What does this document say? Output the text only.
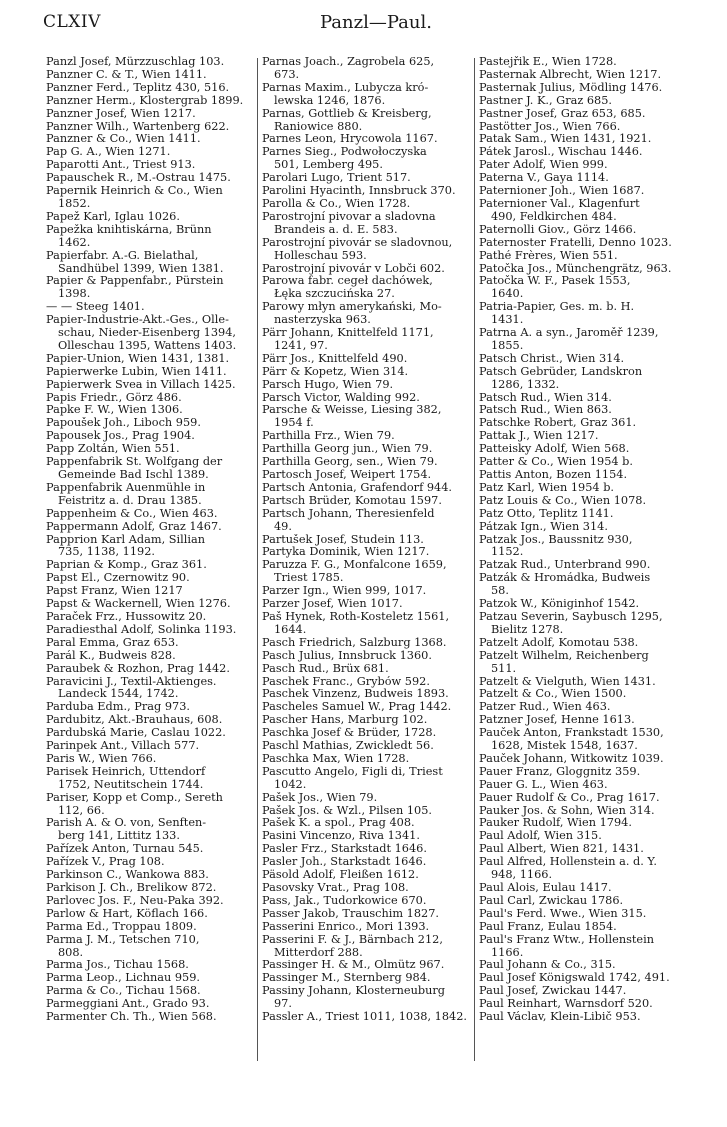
CLXIV	Panzl—Paul.
Panzl Josef, Mürzzuschlag 103.
Panzner C. & T., Wien 1411.
Panzner Ferd., Teplitz 430, 516.
Panzner Herm., Klostergrab 1899.
Panzner Josef, Wien 1217.
Panzner Wilh., Wartenberg 622.
Panzner & Co., Wien 1411.
Pap G. A., Wien 1271.
Paparotti Ant., Triest 913.
Papauschek R., M.-Ostrau 1475.
Papernik Heinrich & Co., Wien
1852.
Papež Karl, Iglau 1026.
Papežka knihtiskárna, Brünn
1462.
Papierfabr. A.-G. Bielathal,
Sandhübel 1399, Wien 1381.
Papier & Pappenfabr., Pürstein
1398.
— — Steeg 1401.
Papier-Industrie-Akt.-Ges., Olle-
schau, Nieder-Eisenberg 1394,
Olleschau 1395, Wattens 1403.
Papier-Union, Wien 1431, 1381.
Papierwerke Lubin, Wien 1411.
Papierwerk Svea in Villach 1425.
Papis Friedr., Görz 486.
Papke F. W., Wien 1306.
Papoušek Joh., Liboch 959.
Papousek Jos., Prag 1904.
Papp Zoltán, Wien 551.
Pappenfabrik St. Wolfgang der
Gemeinde Bad Ischl 1389.
Pappenfabrik Auenmühle in
Feistritz a. d. Drau 1385.
Pappenheim & Co., Wien 463.
Pappermann Adolf, Graz 1467.
Papprion Karl Adam, Sillian
735, 1138, 1192.
Paprian & Komp., Graz 361.
Papst El., Czernowitz 90.
Papst Franz, Wien 1217
Papst & Wackernell, Wien 1276.
Paraček Frz., Hussowitz 20.
Paradiesthal Adolf, Solinka 1193.
Paral Emma, Graz 653.
Parál K., Budweis 828.
Paraubek & Rozhon, Prag 1442.
Paravicini J., Textil-Aktienges.
Landeck 1544, 1742.
Parduba Edm., Prag 973.
Pardubitz, Akt.-Brauhaus, 608.
Pardubská Marie, Časlau 1022.
Parinpek Ant., Villach 577.
Paris W., Wien 766.
Parisek Heinrich, Uttendorf
1752, Neutitschein 1744.
Pariser, Kopp et Comp., Sereth
112, 66.
Parish A. & O. von, Senften-
berg 141, Littitz 133.
Pařízek Anton, Turnau 545.
Pařízek V., Prag 108.
Parkinson C., Wankowa 883.
Parkison J. Ch., Brelikow 872.
Parlovec Jos. F., Neu-Paka 392.
Parlow & Hart, Köflach 166.
Parma Ed., Troppau 1809.
Parma J. M., Tetschen 710,
808.
Parma Jos., Tichau 1568.
Parma Leop., Lichnau 959.
Parma & Co., Tichau 1568.
Parmeggiani Ant., Grado 93.
Parmenter Ch. Th., Wien 568.
Parnas Joach., Zagrobela 625,
673.
Parnas Maxim., Lubycza kró-
lewska 1246, 1876.
Parnas, Gottlieb & Kreisberg,
Raniowice 880.
Parnes Leon, Hrycowola 1167.
Parnes Sieg., Podwołoczyska
501, Lemberg 495.
Parolari Lugo, Trient 517.
Parolini Hyacinth, Innsbruck 370.
Parolla & Co., Wien 1728.
Parostrojní pivovar a sladovna
Brandeis a. d. E. 583.
Parostrojní pivovár se sladovnou,
Holleschau 593.
Parostrojní pivovár v Lobči 602.
Parowa fabr. cegeł dachówek,
Łęka szczucińska 27.
Parowy młyn amerykański, Mo-
nasterzyska 963.
Pärr Johann, Knittelfeld 1171,
1241, 97.
Pärr Jos., Knittelfeld 490.
Pärr & Kopetz, Wien 314.
Parsch Hugo, Wien 79.
Parsch Victor, Walding 992.
Parsche & Weisse, Liesing 382,
1954 f.
Parthilla Frz., Wien 79.
Parthilla Georg jun., Wien 79.
Parthilla Georg, sen., Wien 79.
Partosch Josef, Weipert 1754.
Partsch Antonia, Grafendorf 944.
Partsch Brüder, Komotau 1597.
Partsch Johann, Theresienfeld
49.
Partušek Josef, Studein 113.
Partyka Dominik, Wien 1217.
Paruzza F. G., Monfalcone 1659,
Triest 1785.
Parzer Ign., Wien 999, 1017.
Parzer Josef, Wien 1017.
Paš Hynek, Roth-Kosteletz 1561,
1644.
Pasch Friedrich, Salzburg 1368.
Pasch Julius, Innsbruck 1360.
Pasch Rud., Brüx 681.
Paschek Franc., Grybów 592.
Paschek Vinzenz, Budweis 1893.
Pascheles Samuel W., Prag 1442.
Pascher Hans, Marburg 102.
Paschka Josef & Brüder, 1728.
Paschl Mathias, Zwickledt 56.
Paschka Max, Wien 1728.
Pascutto Angelo, Figli di, Triest
1042.
Pašek Jos., Wien 79.
Pašek Jos. & Wzl., Pilsen 105.
Pašek K. a spol., Prag 408.
Pasini Vincenzo, Riva 1341.
Pasler Frz., Starkstadt 1646.
Pasler Joh., Starkstadt 1646.
Päsold Adolf, Fleißen 1612.
Pasovsky Vrat., Prag 108.
Pass, Jak., Tudorkowice 670.
Passer Jakob, Trauschim 1827.
Passerini Enrico., Mori 1393.
Passerini F. & J., Bärnbach 212,
Mitterdorf 288.
Passinger H. & M., Olmütz 967.
Passinger M., Sternberg 984.
Passiny Johann, Klosterneuburg
97.
Passler A., Triest 1011, 1038, 1842.
Pastejřik E., Wien 1728.
Pasternak Albrecht, Wien 1217.
Pasternak Julius, Mödling 1476.
Pastner J. K., Graz 685.
Pastner Josef, Graz 653, 685.
Pastötter Jos., Wien 766.
Patak Sam., Wien 1431, 1921.
Pátek Jarosl., Wischau 1446.
Pater Adolf, Wien 999.
Paterna V., Gaya 1114.
Paternioner Joh., Wien 1687.
Paternioner Val., Klagenfurt
490, Feldkirchen 484.
Paternolli Giov., Görz 1466.
Paternoster Fratelli, Denno 1023.
Pathé Frères, Wien 551.
Patočka Jos., Münchengrätz, 963.
Patočka W. F., Pasek 1553,
1640.
Patria-Papier, Ges. m. b. H.
1431.
Patrna A. a syn., Jaroměř 1239,
1855.
Patsch Christ., Wien 314.
Patsch Gebrüder, Landskron
1286, 1332.
Patsch Rud., Wien 314.
Patsch Rud., Wien 863.
Patschke Robert, Graz 361.
Pattak J., Wien 1217.
Patteisky Adolf, Wien 568.
Patter & Co., Wien 1954 b.
Pattis Anton, Bozen 1154.
Patz Karl, Wien 1954 b.
Patz Louis & Co., Wien 1078.
Patz Otto, Teplitz 1141.
Pátzak Ign., Wien 314.
Patzak Jos., Baussnitz 930,
1152.
Patzak Rud., Unterbrand 990.
Patzák & Hromádka, Budweis
58.
Patzok W., Königinhof 1542.
Patzau Severin, Saybusch 1295,
Bielitz 1278.
Patzelt Adolf, Komotau 538.
Patzelt Wilhelm, Reichenberg
511.
Patzelt & Vielguth, Wien 1431.
Patzelt & Co., Wien 1500.
Patzer Rud., Wien 463.
Patzner Josef, Henne 1613.
Pauček Anton, Frankstadt 1530,
1628, Mistek 1548, 1637.
Pauček Johann, Witkowitz 1039.
Pauer Franz, Gloggnitz 359.
Pauer G. L., Wien 463.
Pauer Rudolf & Co., Prag 1617.
Pauker Jos. & Sohn, Wien 314.
Pauker Rudolf, Wien 1794.
Paul Adolf, Wien 315.
Paul Albert, Wien 821, 1431.
Paul Alfred, Hollenstein a. d. Y.
948, 1166.
Paul Alois, Eulau 1417.
Paul Carl, Zwickau 1786.
Paul's Ferd. Wwe., Wien 315.
Paul Franz, Eulau 1854.
Paul's Franz Wtw., Hollenstein
1166.
Paul Johann & Co., 315.
Paul Josef Königswald 1742, 491.
Paul Josef, Zwickau 1447.
Paul Reinhart, Warnsdorf 520.
Paul Václav, Klein-Libič 953.
